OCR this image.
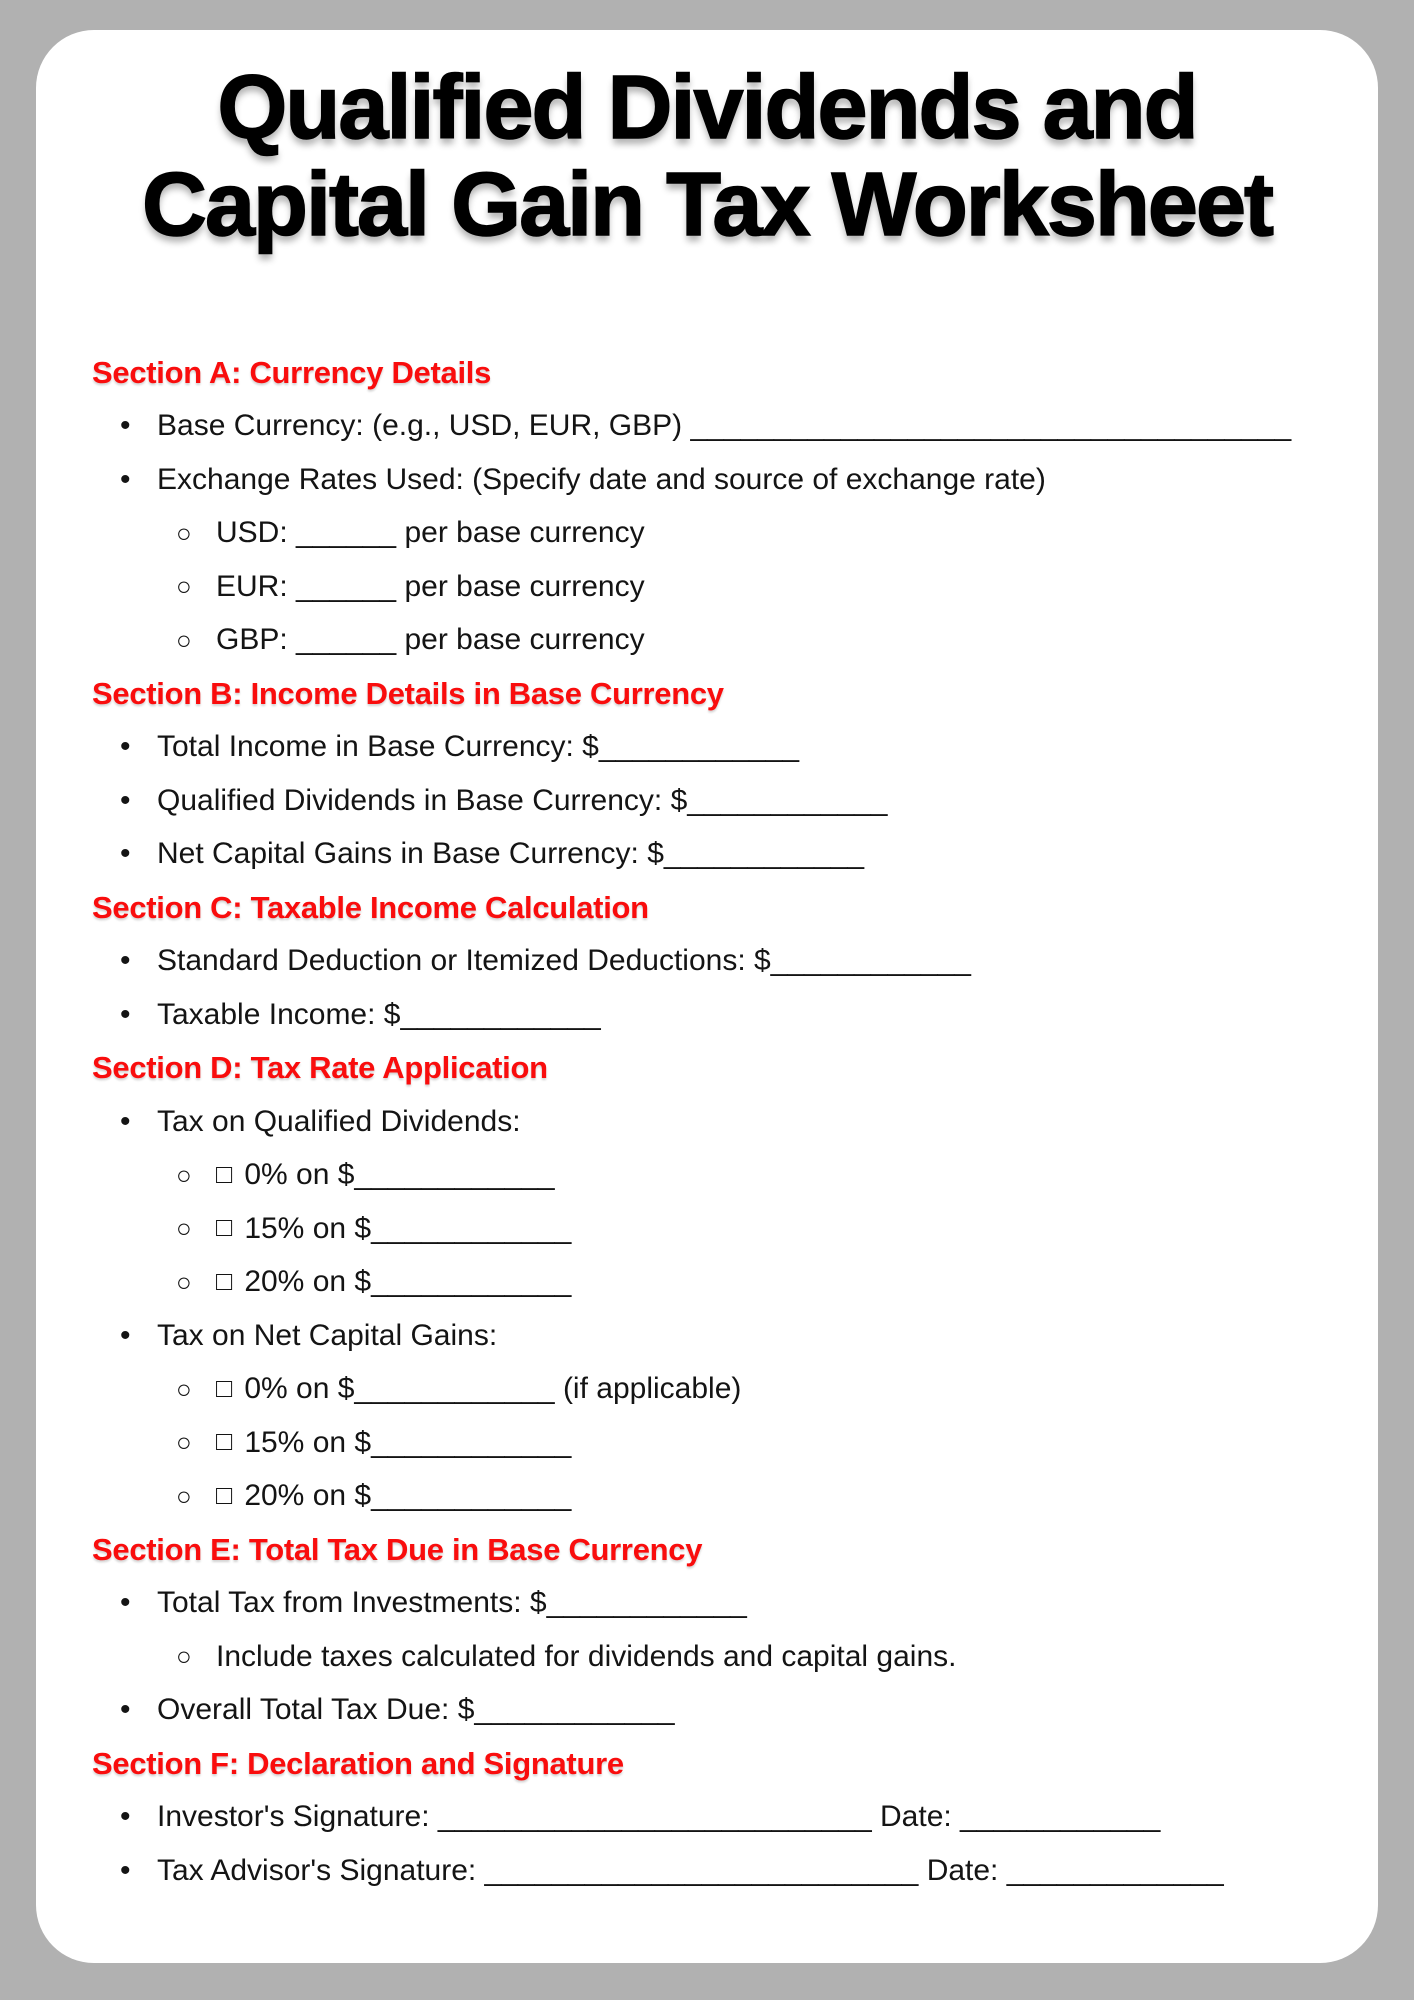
Qualified Dividends and
Capital Gain Tax Worksheet
Section A: Currency Details
• Base Currency: (e.g., USD, EUR, GBP) ____________________________________
• Exchange Rates Used: (Specify date and source of exchange rate)
○ USD: ______ per base currency
○ EUR: ______ per base currency
○ GBP: ______ per base currency
Section B: Income Details in Base Currency
• Total Income in Base Currency: $____________
• Qualified Dividends in Base Currency: $____________
• Net Capital Gains in Base Currency: $____________
Section C: Taxable Income Calculation
• Standard Deduction or Itemized Deductions: $____________
• Taxable Income: $____________
Section D: Tax Rate Application
• Tax on Qualified Dividends:
○ □ 0% on $____________
○ □ 15% on $____________
○ □ 20% on $____________
• Tax on Net Capital Gains:
○ □ 0% on $____________ (if applicable)
○ □ 15% on $____________
○ □ 20% on $____________
Section E: Total Tax Due in Base Currency
• Total Tax from Investments: $____________
○ Include taxes calculated for dividends and capital gains.
• Overall Total Tax Due: $____________
Section F: Declaration and Signature
• Investor's Signature: __________________________ Date: ____________
• Tax Advisor's Signature: __________________________ Date: _____________
